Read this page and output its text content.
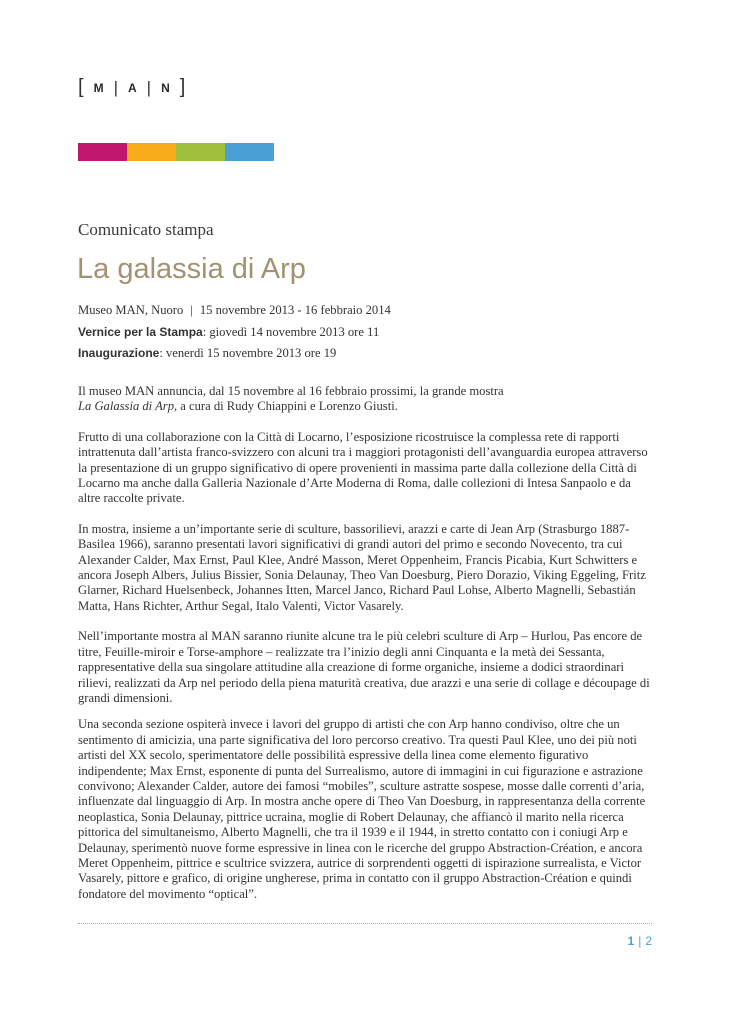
[ M | A | N ]
Comunicato stampa
La galassia di Arp
Museo MAN, Nuoro | 15 novembre 2013 - 16 febbraio 2014
Vernice per la Stampa: giovedì 14 novembre 2013 ore 11
Inaugurazione: venerdì 15 novembre 2013 ore 19

Il museo MAN annuncia, dal 15 novembre al 16 febbraio prossimi, la grande mostra
La Galassia di Arp, a cura di Rudy Chiappini e Lorenzo Giusti.

Frutto di una collaborazione con la Città di Locarno, l’esposizione ricostruisce la complessa rete di rapporti intrattenuta dall’artista franco-svizzero con alcuni tra i maggiori protagonisti dell’avanguardia europea attraverso la presentazione di un gruppo significativo di opere provenienti in massima parte dalla collezione della Città di Locarno ma anche dalla Galleria Nazionale d’Arte Moderna di Roma, dalle collezioni di Intesa Sanpaolo e da altre raccolte private.

In mostra, insieme a un’importante serie di sculture, bassorilievi, arazzi e carte di Jean Arp (Strasburgo 1887-Basilea 1966), saranno presentati lavori significativi di grandi autori del primo e secondo Novecento, tra cui Alexander Calder, Max Ernst, Paul Klee, André Masson, Meret Oppenheim, Francis Picabia, Kurt Schwitters e ancora Joseph Albers, Julius Bissier, Sonia Delaunay, Theo Van Doesburg, Piero Dorazio, Viking Eggeling, Fritz Glarner, Richard Huelsenbeck, Johannes Itten, Marcel Janco, Richard Paul Lohse, Alberto Magnelli, Sebastián Matta, Hans Richter, Arthur Segal, Italo Valenti, Victor Vasarely.

Nell’importante mostra al MAN saranno riunite alcune tra le più celebri sculture di Arp – Hurlou, Pas encore de titre, Feuille-miroir e Torse-amphore – realizzate tra l’inizio degli anni Cinquanta e la metà dei Sessanta, rappresentative della sua singolare attitudine alla creazione di forme organiche, insieme a dodici straordinari rilievi, realizzati da Arp nel periodo della piena maturità creativa, due arazzi e una serie di collage e découpage di grandi dimensioni.

Una seconda sezione ospiterà invece i lavori del gruppo di artisti che con Arp hanno condiviso, oltre che un sentimento di amicizia, una parte significativa del loro percorso creativo. Tra questi Paul Klee, uno dei più noti artisti del XX secolo, sperimentatore delle possibilità espressive della linea come elemento figurativo indipendente; Max Ernst, esponente di punta del Surrealismo, autore di immagini in cui figurazione e astrazione convivono; Alexander Calder, autore dei famosi “mobiles”, sculture astratte sospese, mosse dalle correnti d’aria, influenzate dal linguaggio di Arp. In mostra anche opere di Theo Van Doesburg, in rappresentanza della corrente neoplastica, Sonia Delaunay, pittrice ucraina, moglie di Robert Delaunay, che affiancò il marito nella ricerca pittorica del simultaneismo, Alberto Magnelli, che tra il 1939 e il 1944, in stretto contatto con i coniugi Arp e Delaunay, sperimentò nuove forme espressive in linea con le ricerche del gruppo Abstraction-Création, e ancora Meret Oppenheim, pittrice e scultrice svizzera, autrice di sorprendenti oggetti di ispirazione surrealista, e Victor Vasarely, pittore e grafico, di origine ungherese, prima in contatto con il gruppo Abstraction-Création e quindi fondatore del movimento “optical”.

1 | 2
